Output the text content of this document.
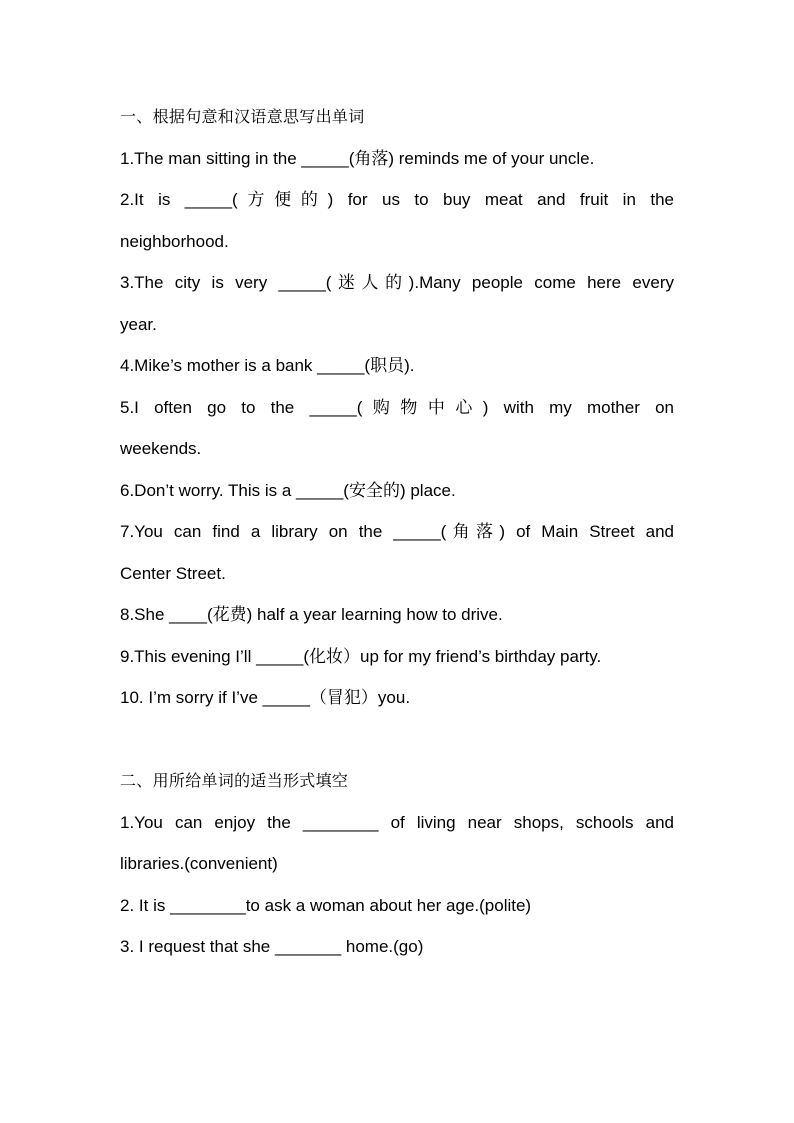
一、根据句意和汉语意思写出单词
1.The man sitting in the _____(角落) reminds me of your uncle.
2.It is _____(方便的) for us to buy meat and fruit in the
neighborhood.
3.The city is very _____(迷人的).Many people come here every
year.
4.Mike’s mother is a bank _____(职员).
5.I often go to the _____(购物中心) with my mother on
weekends.
6.Don’t worry. This is a _____(安全的) place.
7.You can find a library on the _____(角落) of Main Street and
Center Street.
8.She ____(花费) half a year learning how to drive.
9.This evening I’ll _____(化妆）up for my friend’s birthday party.
10. I’m sorry if I’ve _____（冒犯）you.
二、用所给单词的适当形式填空
1.You can enjoy the ________ of living near shops, schools and
libraries.(convenient)
2. It is ________to ask a woman about her age.(polite)
3. I request that she _______ home.(go)
